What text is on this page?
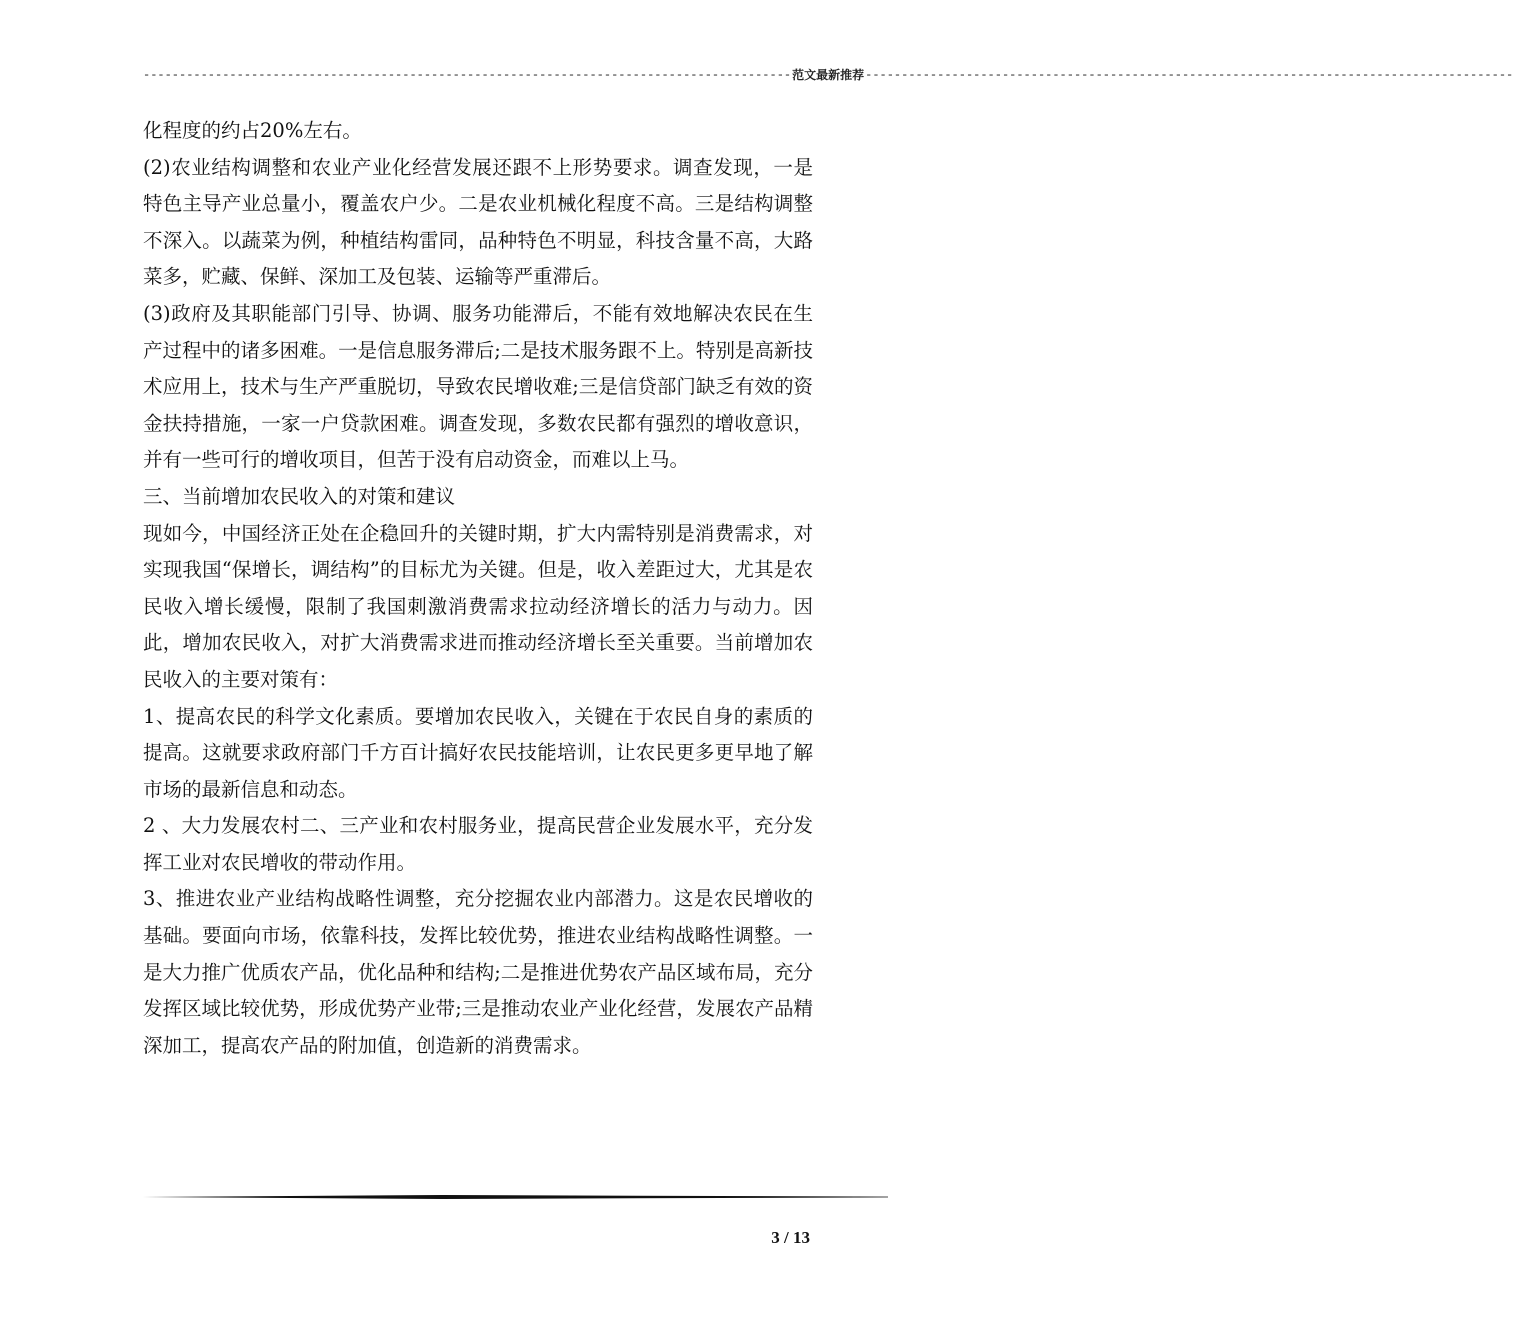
------------------------------------------------------------------------------------------ 范文最新推荐 ------------------------------------------------------------------------------------------

化程度的约占20%左右。

(2)农业结构调整和农业产业化经营发展还跟不上形势要求。调查发现，一是特色主导产业总量小，覆盖农户少。二是农业机械化程度不高。三是结构调整不深入。以蔬菜为例，种植结构雷同，品种特色不明显，科技含量不高，大路菜多，贮藏、保鲜、深加工及包装、运输等严重滞后。

(3)政府及其职能部门引导、协调、服务功能滞后，不能有效地解决农民在生产过程中的诸多困难。一是信息服务滞后;二是技术服务跟不上。特别是高新技术应用上，技术与生产严重脱切，导致农民增收难;三是信贷部门缺乏有效的资金扶持措施，一家一户贷款困难。调查发现，多数农民都有强烈的增收意识，并有一些可行的增收项目，但苦于没有启动资金，而难以上马。

三、当前增加农民收入的对策和建议

现如今，中国经济正处在企稳回升的关键时期，扩大内需特别是消费需求，对实现我国“保增长，调结构”的目标尤为关键。但是，收入差距过大，尤其是农民收入增长缓慢，限制了我国刺激消费需求拉动经济增长的活力与动力。因此，增加农民收入，对扩大消费需求进而推动经济增长至关重要。当前增加农民收入的主要对策有：

1、提高农民的科学文化素质。要增加农民收入，关键在于农民自身的素质的提高。这就要求政府部门千方百计搞好农民技能培训，让农民更多更早地了解市场的最新信息和动态。

2 、大力发展农村二、三产业和农村服务业，提高民营企业发展水平，充分发挥工业对农民增收的带动作用。

3、推进农业产业结构战略性调整，充分挖掘农业内部潜力。这是农民增收的基础。要面向市场，依靠科技，发挥比较优势，推进农业结构战略性调整。一是大力推广优质农产品，优化品种和结构;二是推进优势农产品区域布局，充分发挥区域比较优势，形成优势产业带;三是推动农业产业化经营，发展农产品精深加工，提高农产品的附加值，创造新的消费需求。

3 / 13
